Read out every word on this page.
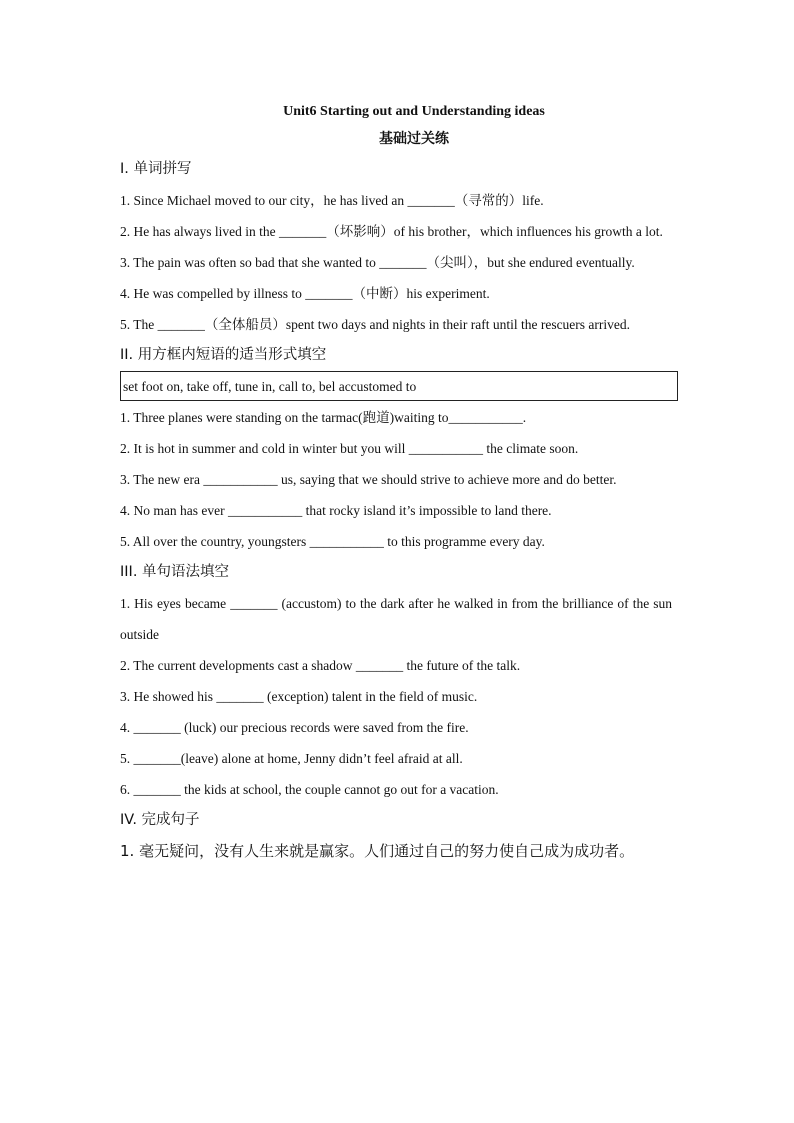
Unit6 Starting out and Understanding ideas
基础过关练
I. 单词拼写
1. Since Michael moved to our city，he has lived an _______（寻常的）life.
2. He has always lived in the _______（坏影响）of his brother，which influences his growth a lot.
3. The pain was often so bad that she wanted to _______（尖叫），but she endured eventually.
4. He was compelled by illness to _______（中断）his experiment.
5. The _______（全体船员）spent two days and nights in their raft until the rescuers arrived.
II. 用方框内短语的适当形式填空
set foot on, take off, tune in, call to, bel accustomed to
1. Three planes were standing on the tarmac(跑道)waiting to___________.
2. It is hot in summer and cold in winter but you will ___________ the climate soon.
3. The new era ___________ us, saying that we should strive to achieve more and do better.
4. No man has ever ___________ that rocky island it’s impossible to land there.
5. All over the country, youngsters ___________ to this programme every day.
III. 单句语法填空
1. His eyes became _______ (accustom) to the dark after he walked in from the brilliance of the sun outside
2. The current developments cast a shadow _______ the future of the talk.
3. He showed his _______ (exception) talent in the field of music.
4. _______ (luck) our precious records were saved from the fire.
5. _______(leave) alone at home, Jenny didn’t feel afraid at all.
6. _______ the kids at school, the couple cannot go out for a vacation.
IV. 完成句子
1. 毫无疑问，没有人生来就是赢家。人们通过自己的努力使自己成为成功者。
